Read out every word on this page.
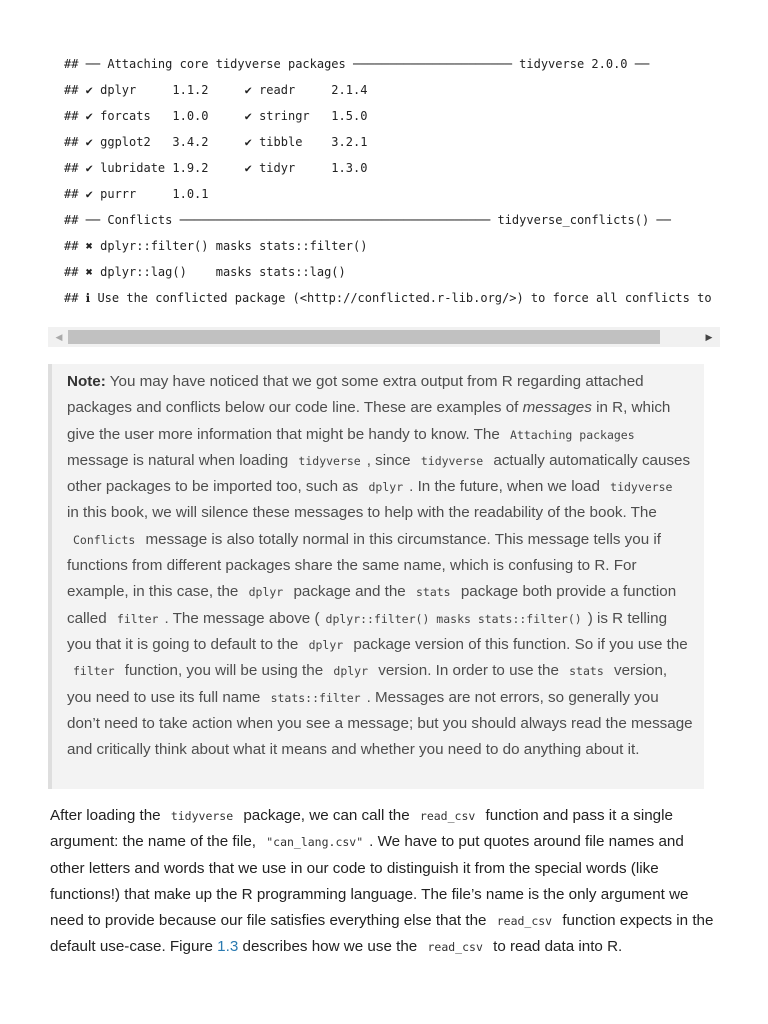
## ── Attaching core tidyverse packages ────────────────────── tidyverse 2.0.0 ──
## ✔ dplyr     1.1.2     ✔ readr     2.1.4
## ✔ forcats   1.0.0     ✔ stringr   1.5.0
## ✔ ggplot2   3.4.2     ✔ tibble    3.2.1
## ✔ lubridate 1.9.2     ✔ tidyr     1.3.0
## ✔ purrr     1.0.1
## ── Conflicts ─────────────────────────────────────────── tidyverse_conflicts() ──
## ✖ dplyr::filter() masks stats::filter()
## ✖ dplyr::lag()    masks stats::lag()
## ℹ Use the conflicted package (<http://conflicted.r-lib.org/>) to force all conflicts to
◀	▶
Note: You may have noticed that we got some extra output from R regarding attached packages and conflicts below our code line. These are examples of messages in R, which give the user more information that might be handy to know. The Attaching packages message is natural when loading tidyverse , since tidyverse actually automatically causes other packages to be imported too, such as dplyr . In the future, when we load tidyverse in this book, we will silence these messages to help with the readability of the book. The Conflicts message is also totally normal in this circumstance. This message tells you if functions from different packages share the same name, which is confusing to R. For example, in this case, the dplyr package and the stats package both provide a function called filter . The message above ( dplyr::filter() masks stats::filter() ) is R telling you that it is going to default to the dplyr package version of this function. So if you use the filter function, you will be using the dplyr version. In order to use the stats version, you need to use its full name stats::filter . Messages are not errors, so generally you don’t need to take action when you see a message; but you should always read the message and critically think about what it means and whether you need to do anything about it.
After loading the tidyverse package, we can call the read_csv function and pass it a single argument: the name of the file, "can_lang.csv" . We have to put quotes around file names and other letters and words that we use in our code to distinguish it from the special words (like functions!) that make up the R programming language. The file’s name is the only argument we need to provide because our file satisfies everything else that the read_csv function expects in the default use-case. Figure 1.3 describes how we use the read_csv to read data into R.
